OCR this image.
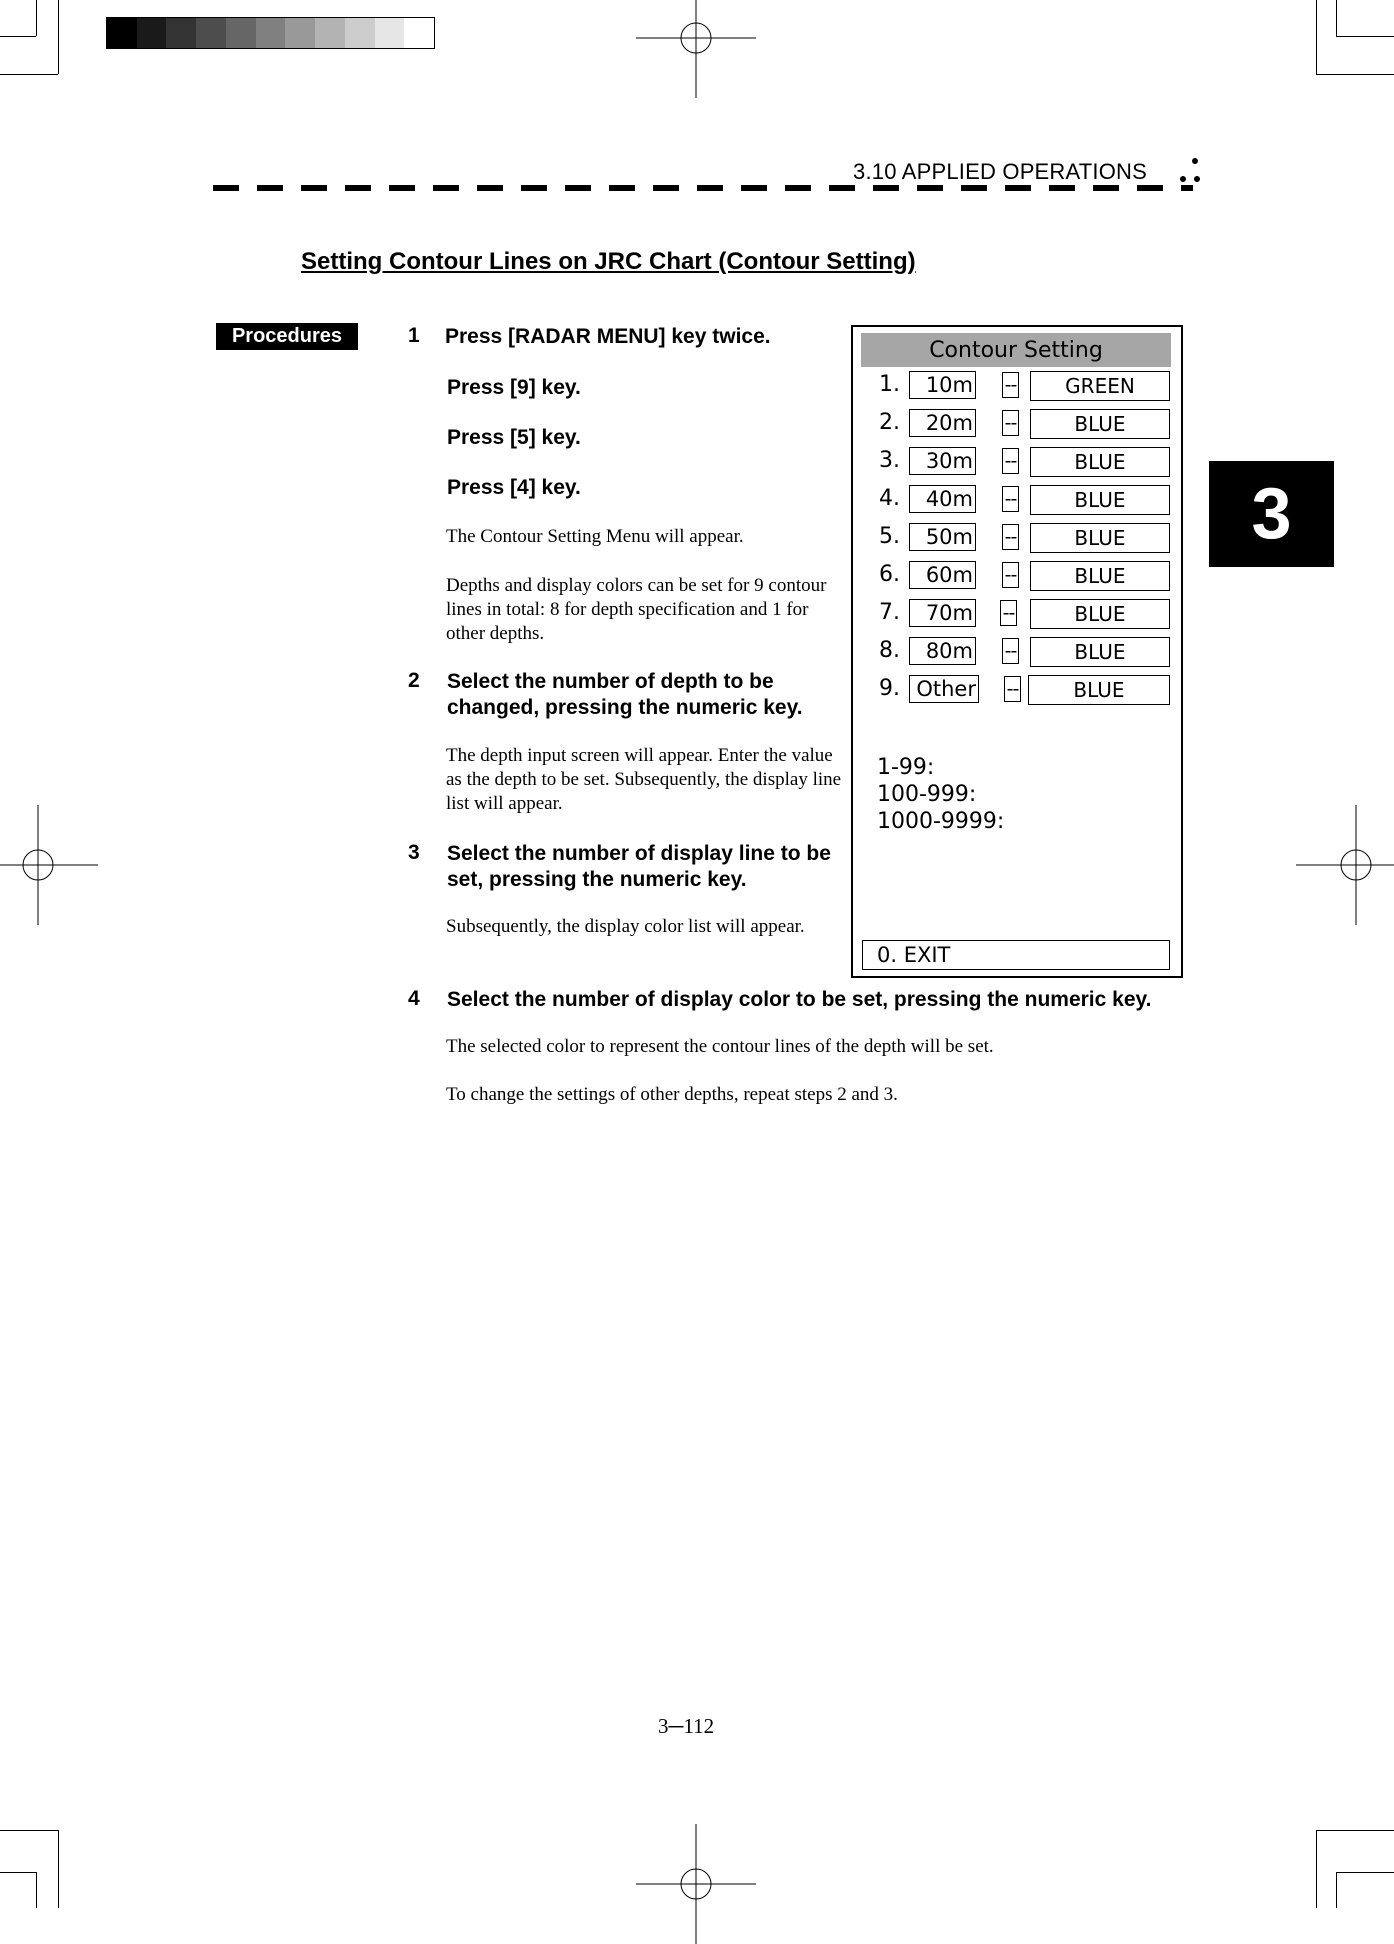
3.10 APPLIED OPERATIONS
3
Setting Contour Lines on JRC Chart (Contour Setting)
Procedures	1 Press [RADAR MENU] key twice.
Press [9] key.
Press [5] key.
Press [4] key.
The Contour Setting Menu will appear.
Depths and display colors can be set for 9 contour lines in total: 8 for depth specification and 1 for other depths.
2 Select the number of depth to be changed, pressing the numeric key.
The depth input screen will appear. Enter the value as the depth to be set. Subsequently, the display line list will appear.
3 Select the number of display line to be set, pressing the numeric key.
Subsequently, the display color list will appear.
4 Select the number of display color to be set, pressing the numeric key.
The selected color to represent the contour lines of the depth will be set.
To change the settings of other depths, repeat steps 2 and 3.
Contour Setting
1.	10m --	GREEN
2.	20m --	BLUE
3.	30m --	BLUE
4.	40m --	BLUE
5.	50m --	BLUE
6.	60m --	BLUE
7.	70m --	BLUE
8.	80m --	BLUE
9. Other --	BLUE
1-99:
100-999:
1000-9999:
0. EXIT
3─112
